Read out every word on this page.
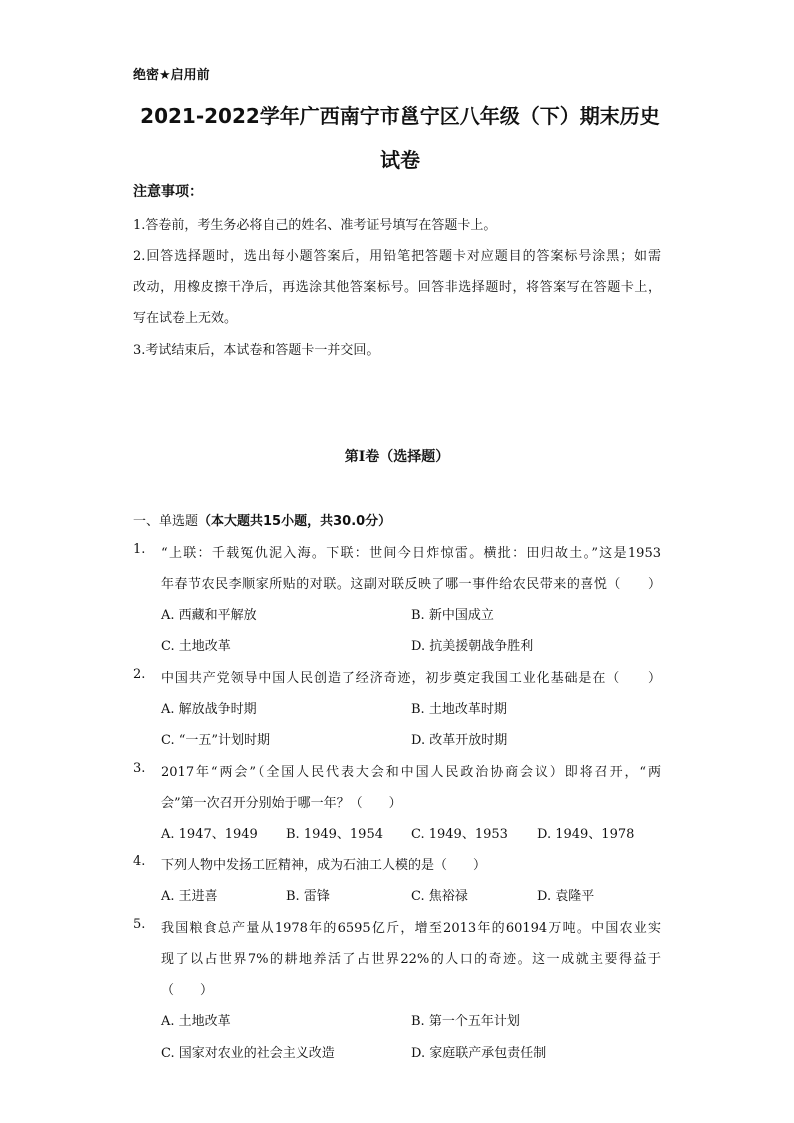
绝密★启用前
2021-2022学年广西南宁市邕宁区八年级（下）期末历史
试卷
注意事项：
1.答卷前，考生务必将自己的姓名、准考证号填写在答题卡上。
2.回答选择题时，选出每小题答案后，用铅笔把答题卡对应题目的答案标号涂黑；如需
改动，用橡皮擦干净后，再选涂其他答案标号。回答非选择题时，将答案写在答题卡上，
写在试卷上无效。
3.考试结束后，本试卷和答题卡一并交回。
第I卷（选择题）
一、单选题（本大题共15小题，共30.0分）
1. “上联：千载冤仇泥入海。下联：世间今日炸惊雷。横批：田归故土。”这是1953
年春节农民李顺家所贴的对联。这副对联反映了哪一事件给农民带来的喜悦（　　）
A. 西藏和平解放	B. 新中国成立
C. 土地改革	D. 抗美援朝战争胜利
2. 中国共产党领导中国人民创造了经济奇迹，初步奠定我国工业化基础是在（　　）
A. 解放战争时期	B. 土地改革时期
C. “一五”计划时期	D. 改革开放时期
3. 2017年“两会”（全国人民代表大会和中国人民政治协商会议）即将召开，“两
会”第一次召开分别始于哪一年？（　　）
A. 1947、1949 B. 1949、1954 C. 1949、1953 D. 1949、1978
4. 下列人物中发扬工匠精神，成为石油工人模的是（　　）
A. 王进喜	B. 雷锋	C. 焦裕禄	D. 袁隆平
5. 我国粮食总产量从1978年的6595亿斤，增至2013年的60194万吨。中国农业实
现了以占世界7%的耕地养活了占世界22%的人口的奇迹。这一成就主要得益于
（　　）
A. 土地改革	B. 第一个五年计划
C. 国家对农业的社会主义改造	D. 家庭联产承包责任制
